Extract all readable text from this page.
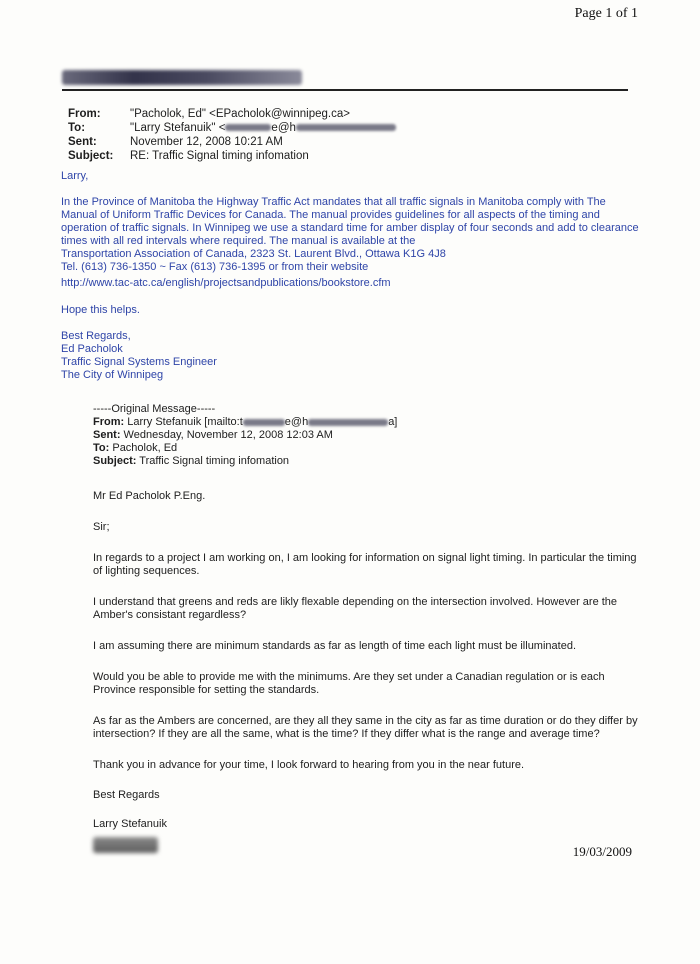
Page 1 of 1
From:	"Pacholok, Ed" <EPacholok@winnipeg.ca>
To:	"Larry Stefanuik" <	e@h
Sent:	November 12, 2008 10:21 AM
Subject:	RE: Traffic Signal timing infomation

Larry,

In the Province of Manitoba the Highway Traffic Act mandates that all traffic signals in Manitoba comply with The Manual of Uniform Traffic Devices for Canada. The manual provides guidelines for all aspects of the timing and operation of traffic signals. In Winnipeg we use a standard time for amber display of four seconds and add to clearance times with all red intervals where required. The manual is available at the

Transportation Association of Canada, 2323 St. Laurent Blvd., Ottawa K1G 4J8

Tel. (613) 736-1350 ~ Fax (613) 736-1395 or from their website

http://www.tac-atc.ca/english/projectsandpublications/bookstore.cfm

Hope this helps.

Best Regards,

Ed Pacholok

Traffic Signal Systems Engineer

The City of Winnipeg

-----Original Message-----

From: Larry Stefanuik [mailto:t	e@h	a]

Sent: Wednesday, November 12, 2008 12:03 AM

To: Pacholok, Ed

Subject: Traffic Signal timing infomation

Mr Ed Pacholok P.Eng.

Sir;

In regards to a project I am working on, I am looking for information on signal light timing. In particular the timing of lighting sequences.

I understand that greens and reds are likly flexable depending on the intersection involved. However are the Amber's consistant regardless?

I am assuming there are minimum standards as far as length of time each light must be illuminated.

Would you be able to provide me with the minimums. Are they set under a Canadian regulation or is each Province responsible for setting the standards.

As far as the Ambers are concerned, are they all they same in the city as far as time duration or do they differ by intersection? If they are all the same, what is the time? If they differ what is the range and average time?

Thank you in advance for your time, I look forward to hearing from you in the near future.

Best Regards

Larry Stefanuik

19/03/2009
